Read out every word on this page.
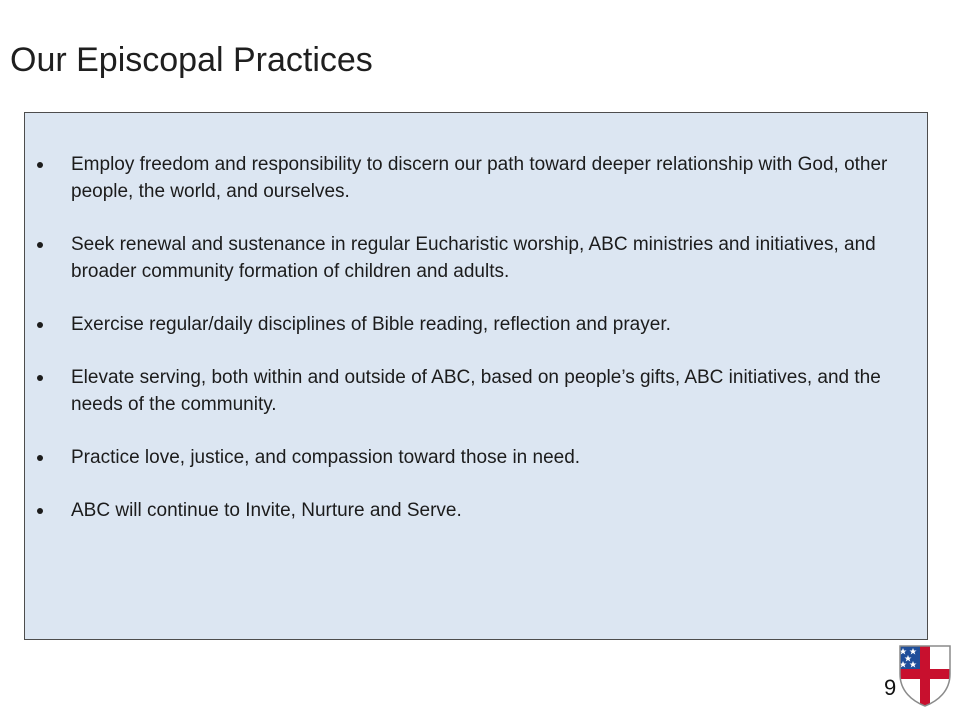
Our Episcopal Practices
Employ freedom and responsibility to discern our path toward deeper relationship with God, other people, the world, and ourselves.
Seek renewal and sustenance in regular Eucharistic worship, ABC ministries and initiatives, and broader community formation of children and adults.
Exercise regular/daily disciplines of Bible reading, reflection and prayer.
Elevate serving, both within and outside of ABC, based on people’s gifts, ABC initiatives, and the needs of the community.
Practice love, justice, and compassion toward those in need.
ABC will continue to Invite, Nurture and Serve.
9
